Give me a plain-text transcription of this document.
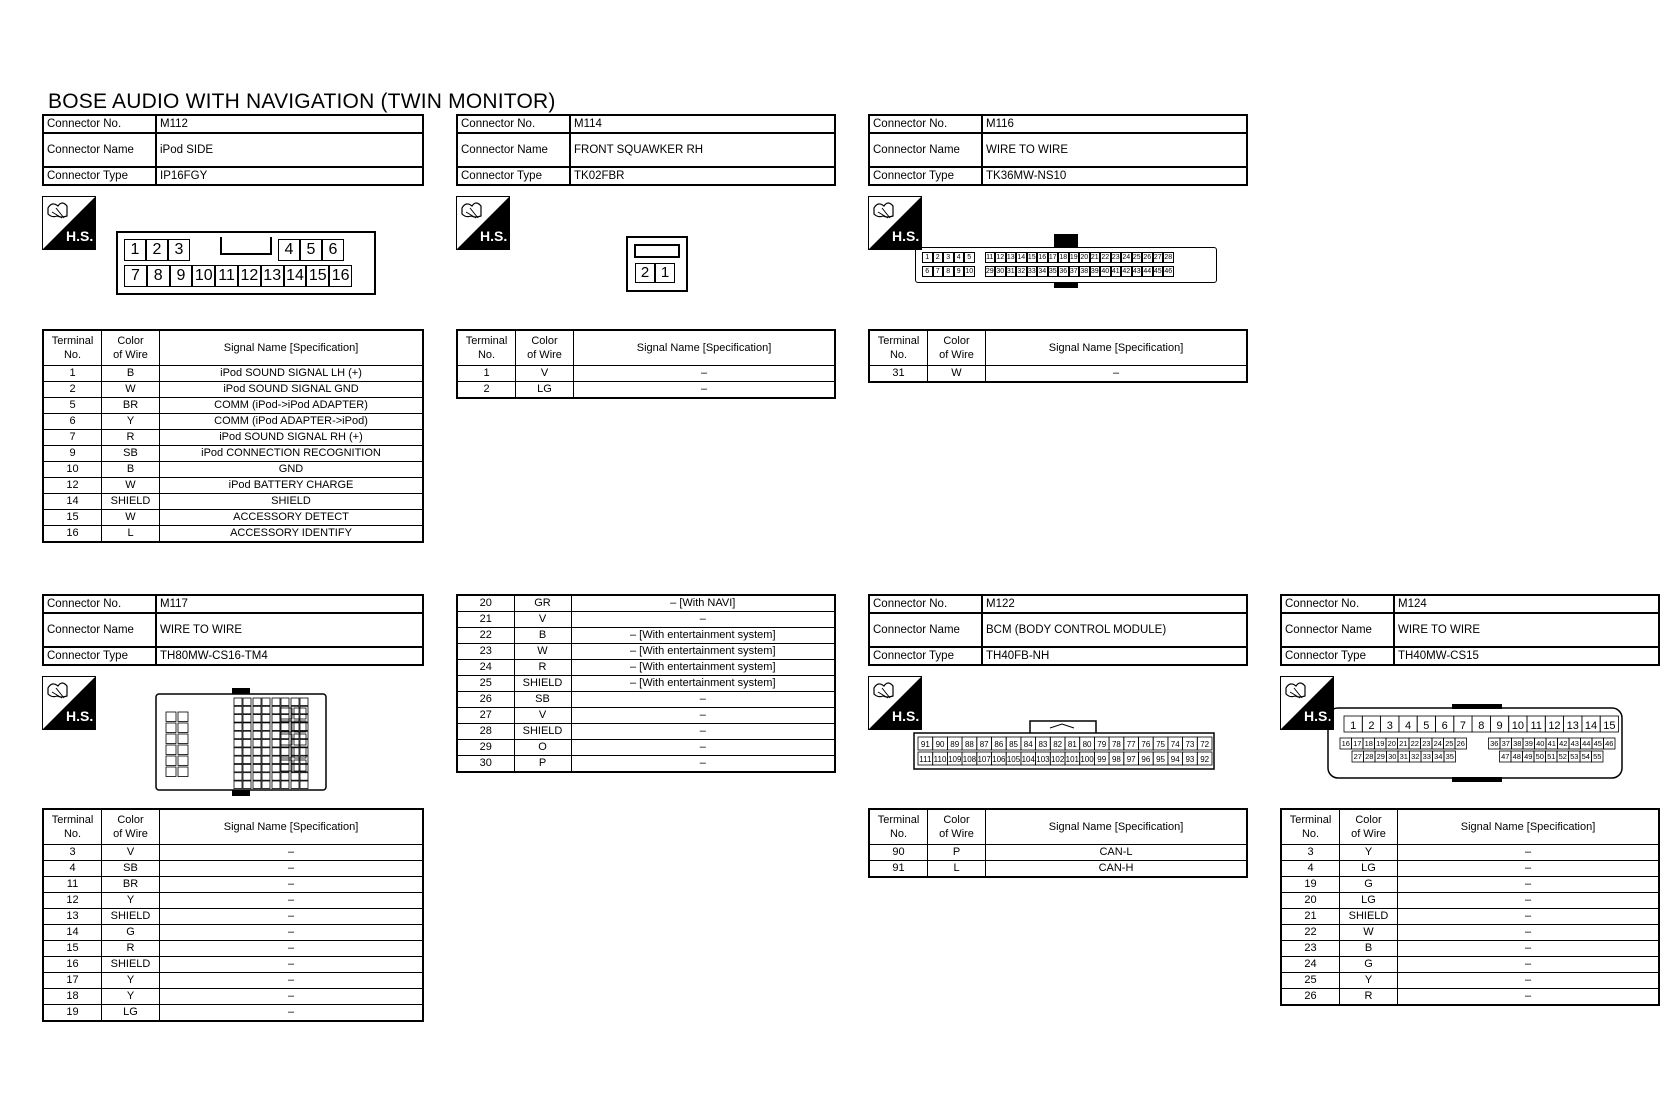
BOSE AUDIO WITH NAVIGATION (TWIN MONITOR)
Connector No.	M112
Connector Name	iPod SIDE
Connector Type	IP16FGY
H.S.
1 2 3	4 5 6
7 8 9 10 11 12 13 14 15 16
Terminal
No.	Color
of Wire	Signal Name [Specification]
1	B	iPod SOUND SIGNAL LH (+)
2	W	iPod SOUND SIGNAL GND
5	BR	COMM (iPod->iPod ADAPTER)
6	Y	COMM (iPod ADAPTER->iPod)
7	R	iPod SOUND SIGNAL RH (+)
9	SB	iPod CONNECTION RECOGNITION
10	B	GND
12	W	iPod BATTERY CHARGE
14	SHIELD	SHIELD
15	W	ACCESSORY DETECT
16	L	ACCESSORY IDENTIFY
Connector No.	M114
Connector Name	FRONT SQUAWKER RH
Connector Type	TK02FBR
H.S.
2 1
Terminal
No.	Color
of Wire	Signal Name [Specification]
1	V	–
2	LG	–
Connector No.	M116
Connector Name	WIRE TO WIRE
Connector Type	TK36MW-NS10
H.S.
1 2 3 4 5	11 12 13 14 15 16 17 18 19 20 21 22 23 24 25 26 27 28
6 7 8 9 10 29 30 31 32 33 34 35 36 37 38 39 40 41 42 43 44 45 46
Terminal
No.	Color
of Wire	Signal Name [Specification]
31	W	–
Connector No.	M117
Connector Name	WIRE TO WIRE
Connector Type	TH80MW-CS16-TM4
H.S.
Terminal
No.	Color
of Wire	Signal Name [Specification]
3	V	–
4	SB	–
11	BR	–
12	Y	–
13	SHIELD	–
14	G	–
15	R	–
16	SHIELD	–
17	Y	–
18	Y	–
19	LG	–
20	GR	– [With NAVI]
21	V	–
22	B	– [With entertainment system]
23	W	– [With entertainment system]
24	R	– [With entertainment system]
25	SHIELD	– [With entertainment system]
26	SB	–
27	V	–
28	SHIELD	–
29	O	–
30	P	–
Connector No.	M122
Connector Name	BCM (BODY CONTROL MODULE)
Connector Type	TH40FB-NH
H.S.
91 90 89 88 87 86 85 84 83 82 81 80 79 78 77 76 75 74 73 72
111 110 109 108 107 106 105 104 103 102 101 100 99 98 97 96 95 94 93 92
Terminal
No.	Color
of Wire	Signal Name [Specification]
90	P	CAN-L
91	L	CAN-H
Connector No.	M124
Connector Name	WIRE TO WIRE
Connector Type	TH40MW-CS15
H.S.
1 2 3 4 5 6 7 8 9 10 11 12 13 14 15
16 17 18 19 20 21 22 23 24 25 26	36 37 38 39 40 41 42 43 44 45 46
27 28 29 30 31 32 33 34 35	47 48 49 50 51 52 53 54 55
Terminal
No.	Color
of Wire	Signal Name [Specification]
3	Y	–
4	LG	–
19	G	–
20	LG	–
21	SHIELD	–
22	W	–
23	B	–
24	G	–
25	Y	–
26	R	–
